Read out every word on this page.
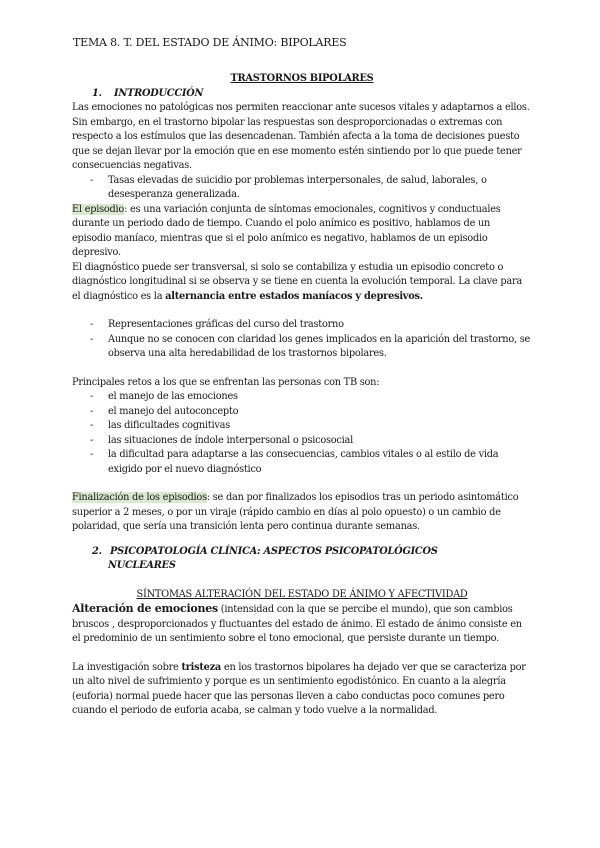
TEMA 8. T. DEL ESTADO DE ÁNIMO: BIPOLARES
TRASTORNOS BIPOLARES
1. INTRODUCCIÓN

Las emociones no patológicas nos permiten reaccionar ante sucesos vitales y adaptarnos a ellos. Sin embargo, en el trastorno bipolar las respuestas son desproporcionadas o extremas con respecto a los estímulos que las desencadenan. También afecta a la toma de decisiones puesto que se dejan llevar por la emoción que en ese momento estén sintiendo por lo que puede tener consecuencias negativas.

- Tasas elevadas de suicidio por problemas interpersonales, de salud, laborales, o desesperanza generalizada.

El episodio: es una variación conjunta de síntomas emocionales, cognitivos y conductuales durante un periodo dado de tiempo. Cuando el polo anímico es positivo, hablamos de un episodio maníaco, mientras que si el polo anímico es negativo, hablamos de un episodio depresivo.

El diagnóstico puede ser transversal, si solo se contabiliza y estudia un episodio concreto o diagnóstico longitudinal si se observa y se tiene en cuenta la evolución temporal. La clave para el diagnóstico es la alternancia entre estados maníacos y depresivos.

- Representaciones gráficas del curso del trastorno
- Aunque no se conocen con claridad los genes implicados en la aparición del trastorno, se observa una alta heredabilidad de los trastornos bipolares.

Principales retos a los que se enfrentan las personas con TB son:

- el manejo de las emociones
- el manejo del autoconcepto
- las dificultades cognitivas
- las situaciones de índole interpersonal o psicosocial
- la dificultad para adaptarse a las consecuencias, cambios vitales o al estilo de vida exigido por el nuevo diagnóstico

Finalización de los episodios: se dan por finalizados los episodios tras un periodo asintomático superior a 2 meses, o por un viraje (rápido cambio en días al polo opuesto) o un cambio de polaridad, que sería una transición lenta pero continua durante semanas.

2. PSICOPATOLOGÍA CLÍNICA: ASPECTOS PSICOPATOLÓGICOS
NUCLEARES
SÍNTOMAS ALTERACIÓN DEL ESTADO DE ÁNIMO Y AFECTIVIDAD

Alteración de emociones (intensidad con la que se percibe el mundo), que son cambios bruscos , desproporcionados y fluctuantes del estado de ánimo. El estado de ánimo consiste en el predominio de un sentimiento sobre el tono emocional, que persiste durante un tiempo.

La investigación sobre tristeza en los trastornos bipolares ha dejado ver que se caracteriza por un alto nivel de sufrimiento y porque es un sentimiento egodistónico. En cuanto a la alegría (euforia) normal puede hacer que las personas lleven a cabo conductas poco comunes pero cuando el periodo de euforia acaba, se calman y todo vuelve a la normalidad.
